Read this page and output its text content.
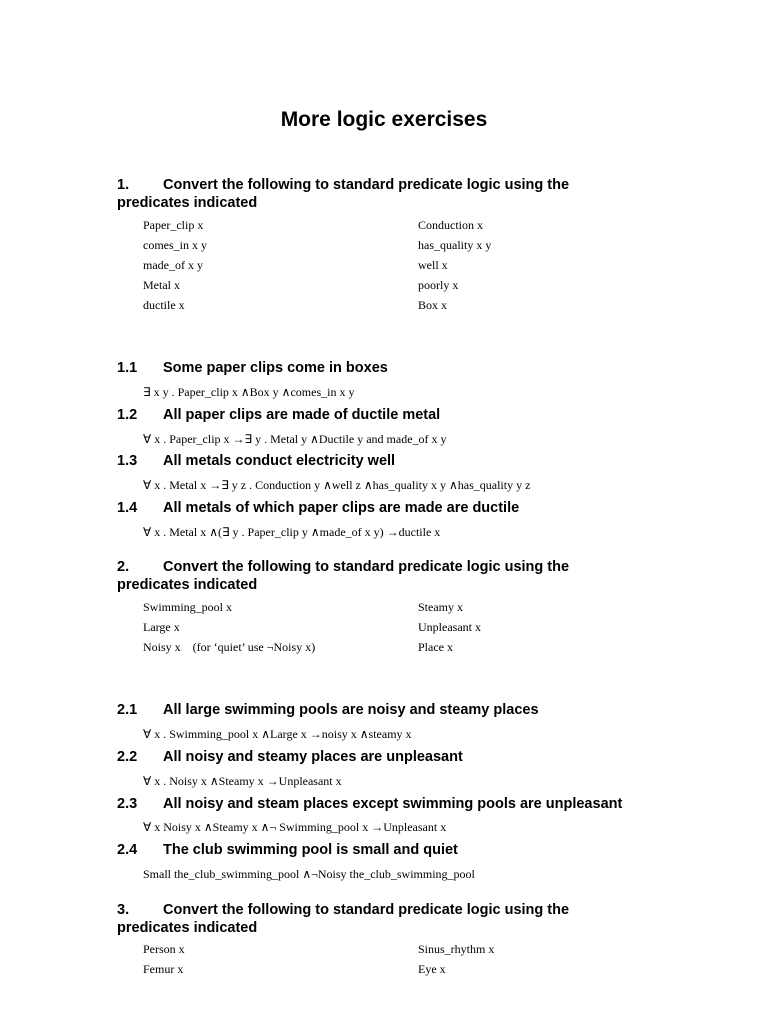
More logic exercises
1. Convert the following to standard predicate logic using the
predicates indicated
Paper_clip x
comes_in x y
made_of x y
Metal x
ductile x
Conduction x
has_quality x y
well x
poorly x
Box x
1.1 Some paper clips come in boxes
∃ x y . Paper_clip x ∧Box y ∧comes_in x y
1.2 All paper clips are made of ductile metal
∀ x . Paper_clip x →∃ y . Metal y ∧Ductile y and made_of x y
1.3 All metals conduct electricity well
∀ x . Metal x →∃ y z . Conduction y ∧well z ∧has_quality x y ∧has_quality y z
1.4 All metals of which paper clips are made are ductile
∀ x . Metal x ∧(∃ y . Paper_clip y ∧made_of x y) →ductile x
2. Convert the following to standard predicate logic using the
predicates indicated
Swimming_pool x
Large x
Noisy x    (for ‘quiet’ use ¬Noisy x)
Steamy x
Unpleasant x
Place x
2.1 All large swimming pools are noisy and steamy places
∀ x . Swimming_pool x ∧Large x →noisy x ∧steamy x
2.2 All noisy and steamy places are unpleasant
∀ x . Noisy x ∧Steamy x →Unpleasant x
2.3 All noisy and steam places except swimming pools are unpleasant
∀ x Noisy x ∧Steamy x ∧¬ Swimming_pool x →Unpleasant x
2.4 The club swimming pool is small and quiet
Small the_club_swimming_pool ∧¬Noisy the_club_swimming_pool
3. Convert the following to standard predicate logic using the
predicates indicated
Person x
Femur x
Sinus_rhythm x
Eye x
